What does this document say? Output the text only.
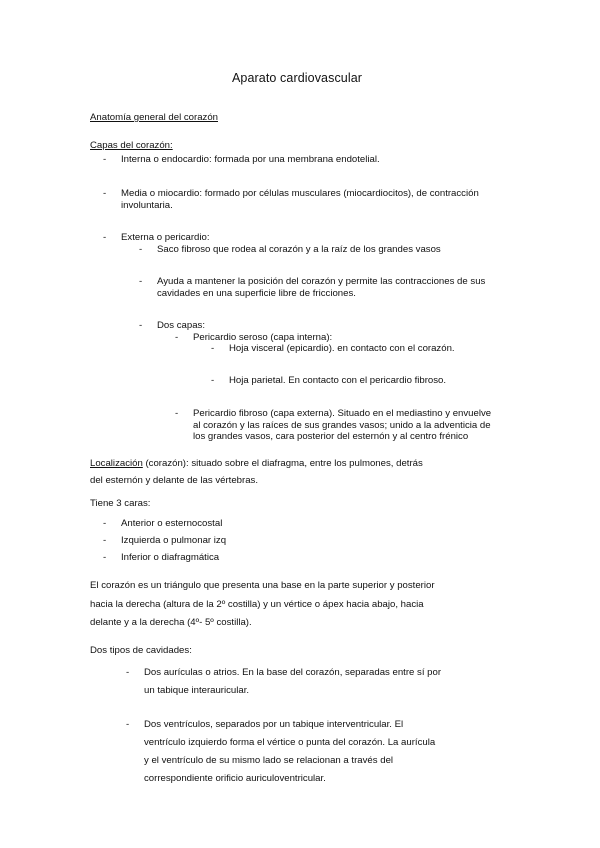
Aparato cardiovascular
Anatomía general del corazón
Capas del corazón:
- Interna o endocardio: formada por una membrana endotelial.
- Media o miocardio: formado por células musculares (miocardiocitos), de contracción
involuntaria.
- Externa o pericardio:
- Saco fibroso que rodea al corazón y a la raíz de los grandes vasos
- Ayuda a mantener la posición del corazón y permite las contracciones de sus
cavidades en una superficie libre de fricciones.
- Dos capas:
- Pericardio seroso (capa interna):
- Hoja visceral (epicardio). en contacto con el corazón.
- Hoja parietal. En contacto con el pericardio fibroso.
- Pericardio fibroso (capa externa). Situado en el mediastino y envuelve
al corazón y las raíces de sus grandes vasos; unido a la adventicia de
los grandes vasos, cara posterior del esternón y al centro frénico
Localización (corazón): situado sobre el diafragma, entre los pulmones, detrás
del esternón y delante de las vértebras.
Tiene 3 caras:
- Anterior o esternocostal
- Izquierda o pulmonar izq
- Inferior o diafragmática
El corazón es un triángulo que presenta una base en la parte superior y posterior
hacia la derecha (altura de la 2º costilla) y un vértice o ápex hacia abajo, hacia
delante y a la derecha (4º- 5º costilla).
Dos tipos de cavidades:
- Dos aurículas o atrios. En la base del corazón, separadas entre sí por
un tabique interauricular.
- Dos ventrículos, separados por un tabique interventricular. El
ventrículo izquierdo forma el vértice o punta del corazón. La aurícula
y el ventrículo de su mismo lado se relacionan a través del
correspondiente orificio auriculoventricular.
